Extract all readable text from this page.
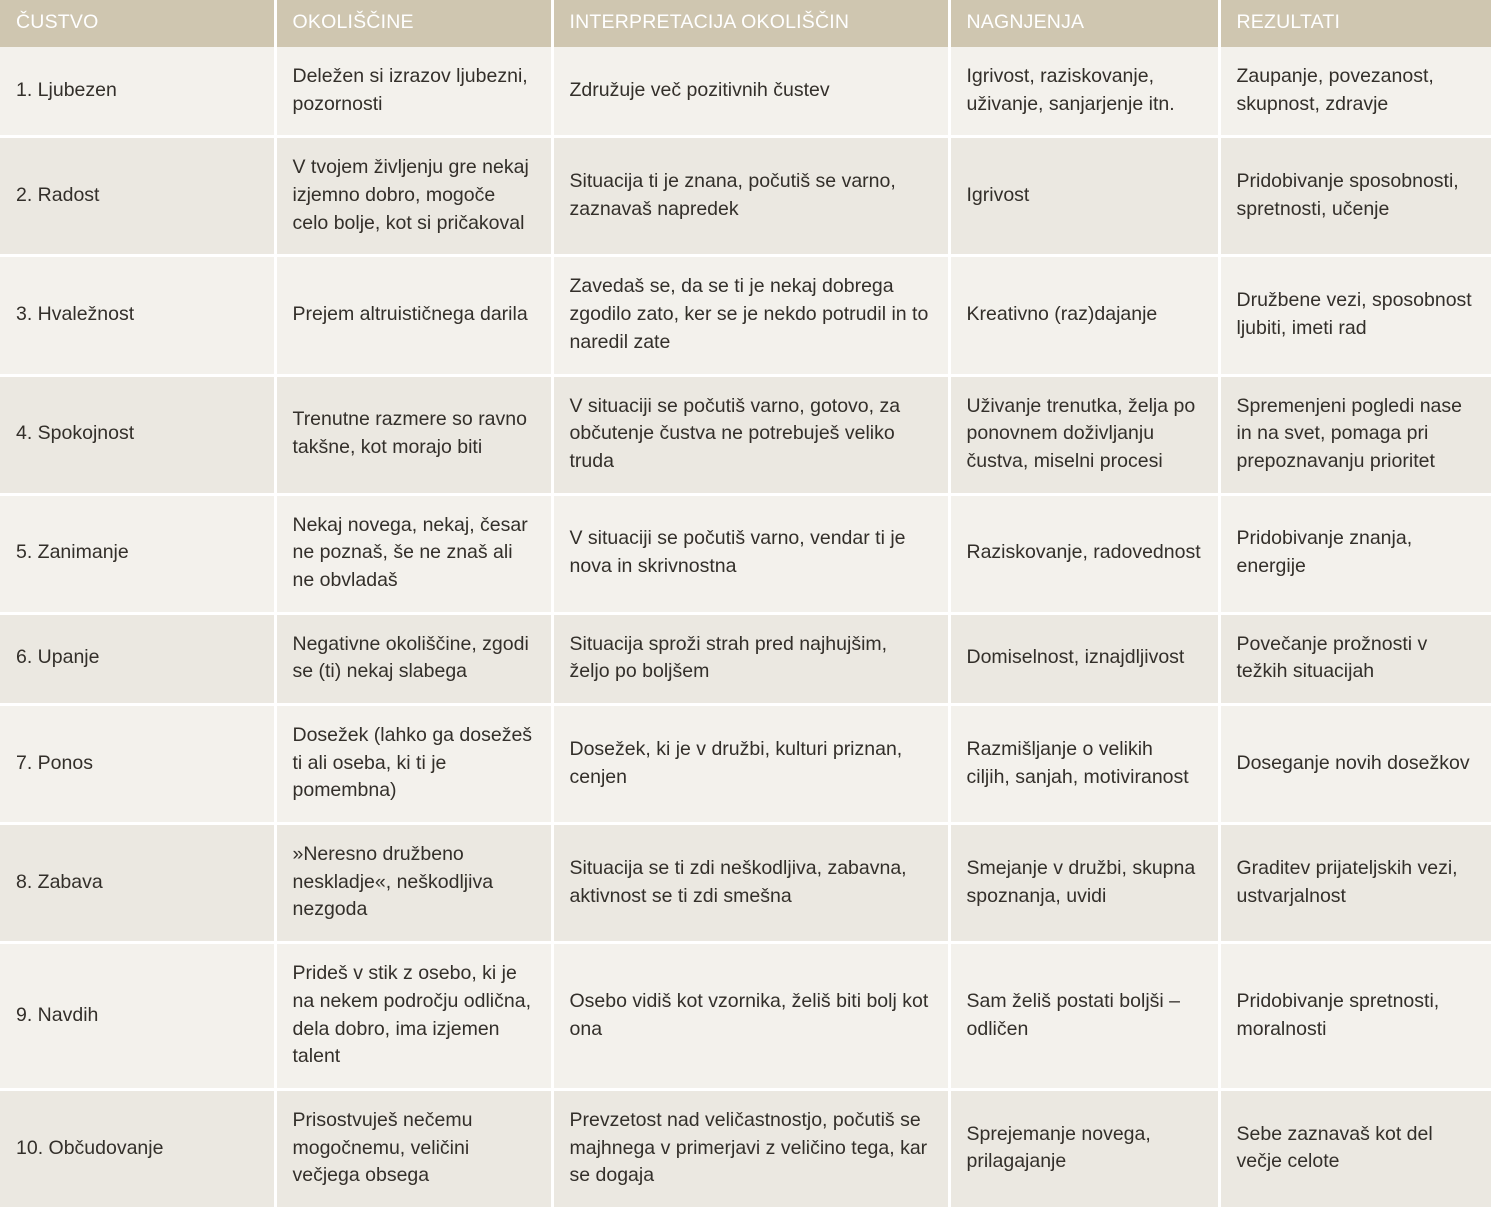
ČUSTVO	OKOLIŠČINE	INTERPRETACIJA OKOLIŠČIN	NAGNJENJA	REZULTATI
1. Ljubezen	Deležen si izrazov ljubezni, pozornosti	Združuje več pozitivnih čustev	Igrivost, raziskovanje, uživanje, sanjarjenje itn.	Zaupanje, povezanost, skupnost, zdravje
2. Radost	V tvojem življenju gre nekaj izjemno dobro, mogoče celo bolje, kot si pričakoval	Situacija ti je znana, počutiš se varno, zaznavaš napredek	Igrivost	Pridobivanje sposobnosti, spretnosti, učenje
3. Hvaležnost	Prejem altruističnega darila	Zavedaš se, da se ti je nekaj dobrega zgodilo zato, ker se je nekdo potrudil in to naredil zate	Kreativno (raz)dajanje	Družbene vezi, sposobnost ljubiti, imeti rad
4. Spokojnost	Trenutne razmere so ravno takšne, kot morajo biti	V situaciji se počutiš varno, gotovo, za občutenje čustva ne potrebuješ veliko truda	Uživanje trenutka, želja po ponovnem doživljanju čustva, miselni procesi	Spremenjeni pogledi nase in na svet, pomaga pri prepoznavanju prioritet
5. Zanimanje	Nekaj novega, nekaj, česar ne poznaš, še ne znaš ali ne obvladaš	V situaciji se počutiš varno, vendar ti je nova in skrivnostna	Raziskovanje, radovednost	Pridobivanje znanja, energije
6. Upanje	Negativne okoliščine, zgodi se (ti) nekaj slabega	Situacija sproži strah pred najhujšim, željo po boljšem	Domiselnost, iznajdljivost	Povečanje prožnosti v težkih situacijah
7. Ponos	Dosežek (lahko ga dosežeš ti ali oseba, ki ti je pomembna)	Dosežek, ki je v družbi, kulturi priznan, cenjen	Razmišljanje o velikih ciljih, sanjah, motiviranost	Doseganje novih dosežkov
8. Zabava	»Neresno družbeno neskladje«, neškodljiva nezgoda	Situacija se ti zdi neškodljiva, zabavna, aktivnost se ti zdi smešna	Smejanje v družbi, skupna spoznanja, uvidi	Graditev prijateljskih vezi, ustvarjalnost
9. Navdih	Prideš v stik z osebo, ki je na nekem področju odlična, dela dobro, ima izjemen talent	Osebo vidiš kot vzornika, želiš biti bolj kot ona	Sam želiš postati boljši – odličen	Pridobivanje spretnosti, moralnosti
10. Občudovanje	Prisostvuješ nečemu mogočnemu, veličini večjega obsega	Prevzetost nad veličastnostjo, počutiš se majhnega v primerjavi z veličino tega, kar se dogaja	Sprejemanje novega, prilagajanje	Sebe zaznavaš kot del večje celote
